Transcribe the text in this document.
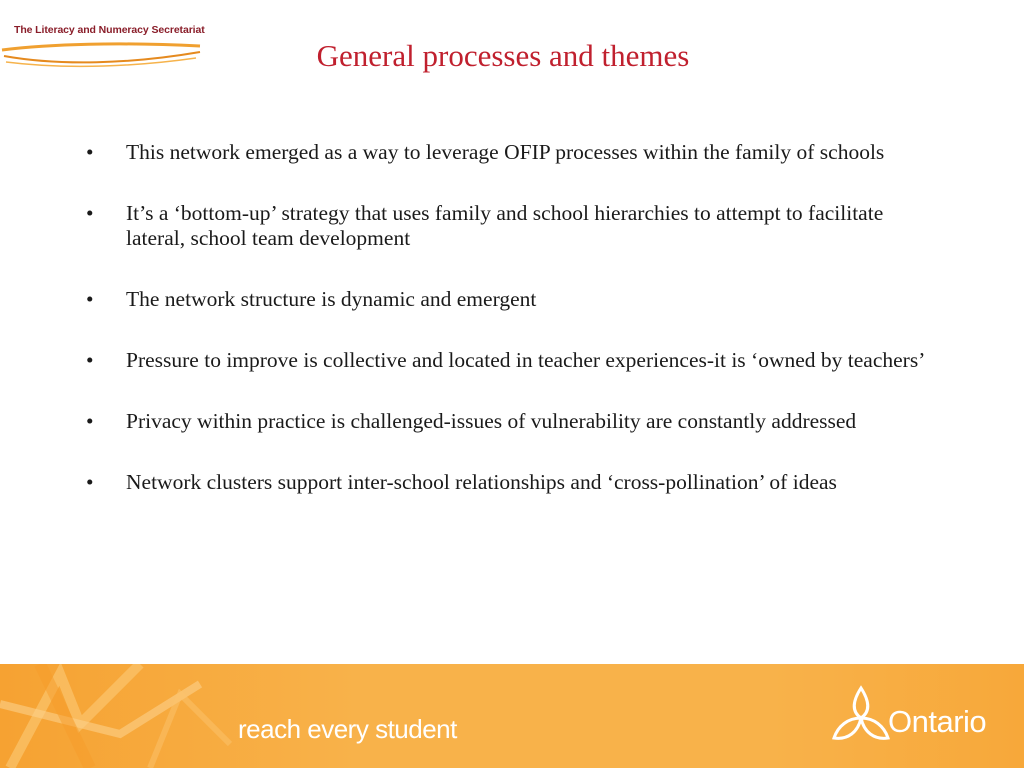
The Literacy and Numeracy Secretariat
General processes and themes
• This network emerged as a way to leverage OFIP processes within the family of schools
• It’s a ‘bottom-up’ strategy that uses family and school hierarchies to attempt to facilitate lateral, school team development
• The network structure is dynamic and emergent
• Pressure to improve is collective and located in teacher experiences-it is ‘owned by teachers’
• Privacy within practice is challenged-issues of vulnerability are constantly addressed
• Network clusters support inter-school relationships and ‘cross-pollination’ of ideas
reach every student	Ontario
